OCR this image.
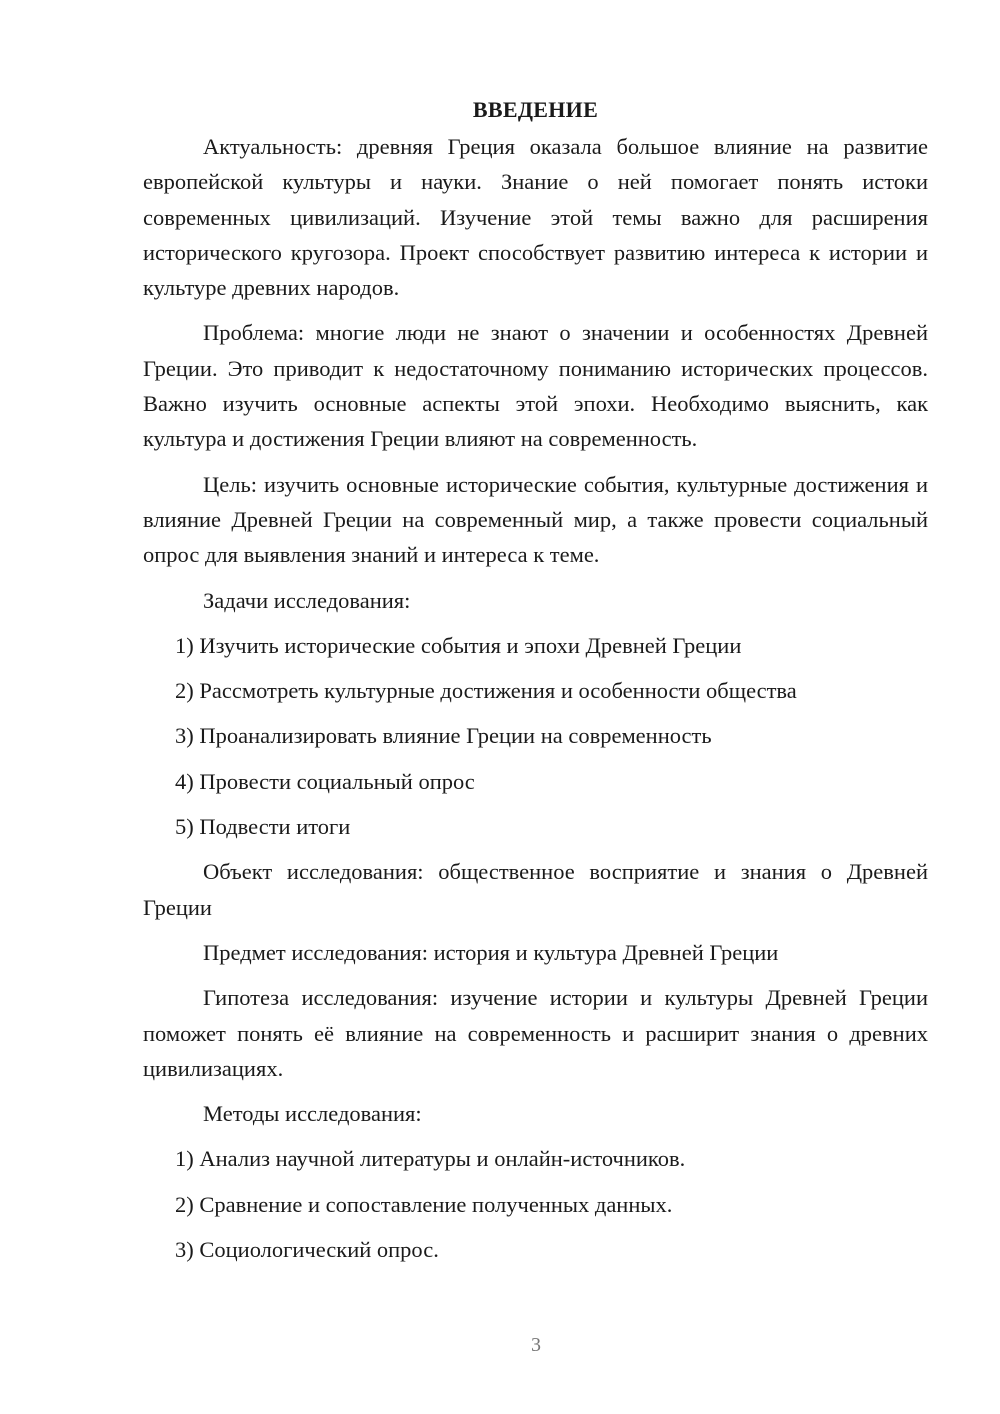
ВВЕДЕНИЕ

Актуальность: древняя Греция оказала большое влияние на развитие европейской культуры и науки. Знание о ней помогает понять истоки современных цивилизаций. Изучение этой темы важно для расширения исторического кругозора. Проект способствует развитию интереса к истории и культуре древних народов.

Проблема: многие люди не знают о значении и особенностях Древней Греции. Это приводит к недостаточному пониманию исторических процессов. Важно изучить основные аспекты этой эпохи. Необходимо выяснить, как культура и достижения Греции влияют на современность.

Цель: изучить основные исторические события, культурные достижения и влияние Древней Греции на современный мир, а также провести социальный опрос для выявления знаний и интереса к теме.

Задачи исследования:

1) Изучить исторические события и эпохи Древней Греции
2) Рассмотреть культурные достижения и особенности общества
3) Проанализировать влияние Греции на современность
4) Провести социальный опрос
5) Подвести итоги

Объект исследования: общественное восприятие и знания о Древней Греции

Предмет исследования: история и культура Древней Греции

Гипотеза исследования: изучение истории и культуры Древней Греции поможет понять её влияние на современность и расширит знания о древних цивилизациях.

Методы исследования:

1) Анализ научной литературы и онлайн-источников.
2) Сравнение и сопоставление полученных данных.
3) Социологический опрос.
3
